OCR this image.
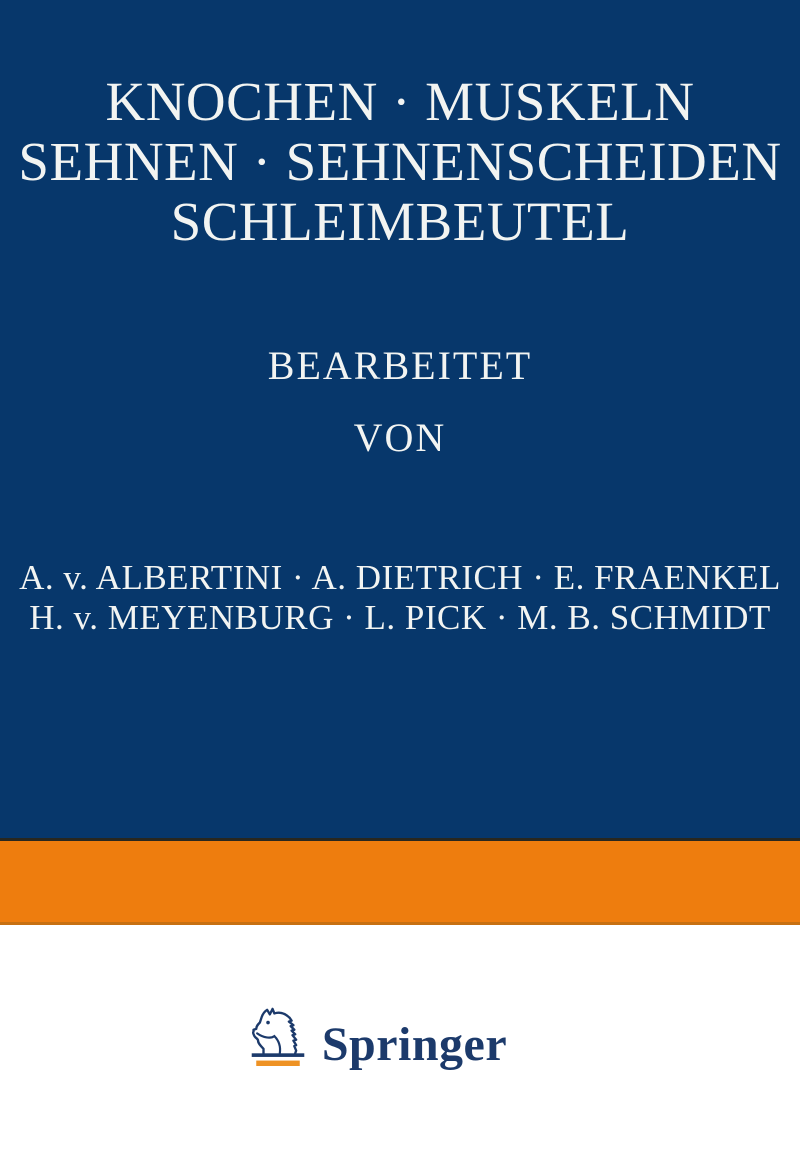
KNOCHEN · MUSKELN
SEHNEN · SEHNENSCHEIDEN
SCHLEIMBEUTEL
BEARBEITET
VON
A. v. ALBERTINI · A. DIETRICH · E. FRAENKEL
H. v. MEYENBURG · L. PICK · M. B. SCHMIDT
Springer
